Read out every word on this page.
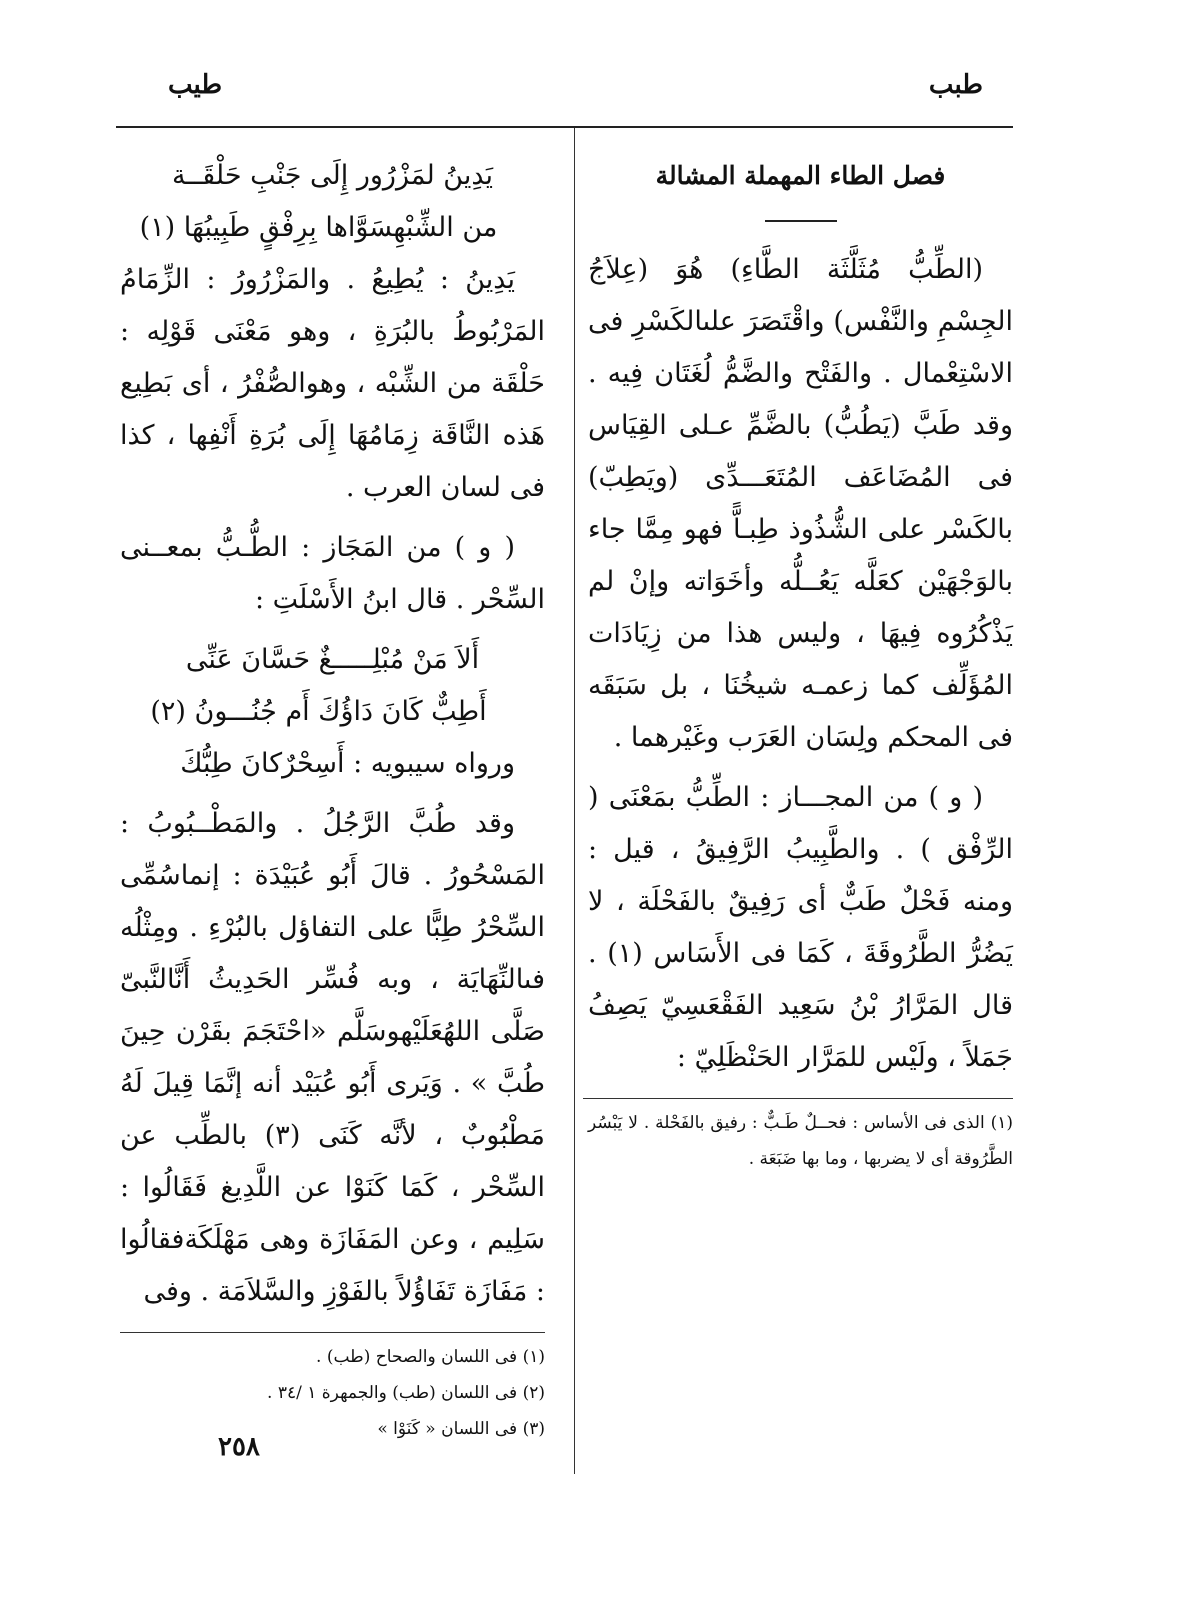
طبب
طيب

فصل الطاء المهملة المشالة

(الطِّبُّ مُثَلَّثَة الطَّاءِ) هُوَ (عِلاَجُ الجِسْمِ والنَّفْس) واقْتَصَرَ علىالكَسْرِ فى الاسْتِعْمال . والفَتْح والضَّمُّ لُغَتَان فِيه . وقد طَبَّ (يَطُبُّ) بالضَّمِّ عـلى القِيَاس فى المُضَاعَف المُتَعَـــدِّى (ويَطِبّ) بالكَسْر على الشُّذُوذ طِبـاًّ فهو مِمَّا جاء بالوَجْهَيْن كعَلَّه يَعُــلُّه وأخَوَاته وإنْ لم يَذْكُرُوه فِيهَا ، وليس هذا من زِيَادَات المُؤَلِّف كما زعمـه شيخُنَا ، بل سَبَقَه فى المحكم ولِسَان العَرَب وغَيْرهما .

( و ) من المجـــاز : الطِّبُّ بمَعْنَى ( الرِّفْق ) . والطَّبِيبُ الرَّفِيقُ ، قيل : ومنه فَحْلٌ طَبٌّ أى رَفِيقٌ بالفَحْلَة ، لا يَضُرُّ الطَّرُوقَةَ ، كَمَا فى الأَسَاس (١) . قال المَرَّارُ بْنُ سَعِيد الفَقْعَسِيّ يَصِفُ جَمَلاً ، ولَيْس للمَرَّار الحَنْظَلِيّ :

(١) الذى فى الأساس : فحــلٌ طَـبٌّ : رفيق بالفَحْلة . لا يَبْسُر الطَّرُوقة أى لا يضربها ، وما بها ضَبَعَة .

يَدِينُ لمَزْرُور إِلَى جَنْبِ حَلْقَــة

من الشِّبْهِسَوَّاها بِرِفْقٍ طَبِيبُهَا (١)

يَدِينُ : يُطِيعُ . والمَزْرُورُ : الزِّمَامُ المَرْبُوطُ بالبُرَةِ ، وهو مَعْنَى قَوْلِه : حَلْقَة من الشِّبْه ، وهوالصُّفْرُ ، أى بَطِيع هَذه النَّاقَة زِمَامُهَا إِلَى بُرَةِ أَنْفِها ، كذا فى لسان العرب .

( و ) من المَجَاز : الطُّـبُّ بمعــنى السِّحْر . قال ابنُ الأَسْلَتِ :

أَلاَ مَنْ مُبْلِـــــغٌ حَسَّانَ عَنِّى

أَطِبٌّ كَانَ دَاؤُكَ أَم جُنُـــونُ (٢)

ورواه سيبويه : أَسِحْرٌكانَ طِبُّكَ

وقد طُبَّ الرَّجُلُ . والمَطْــبُوبُ : المَسْحُورُ . قالَ أَبُو عُبَيْدَة : إنماسُمِّى السِّحْرُ طِبًّا على التفاؤل بالبُرْءِ . ومِثْلُه فىالنِّهَايَة ، وبه فُسِّر الحَدِيثُ أَنَّالنَّبىّ صَلَّى اللهُعَلَيْهوسَلَّم «احْتَجَمَ بقَرْن حِينَ طُبَّ » . وَيَرى أَبُو عُبَيْد أنه إنَّمَا قِيلَ لَهُ مَطْبُوبٌ ، لأنَّه كَنَى (٣) بالطِّب عن السِّحْر ، كَمَا كَنَوْا عن اللَّدِيغ فَقَالُوا : سَلِيم ، وعن المَفَازَة وهى مَهْلَكَةفقالُوا : مَفَازَة تَفَاؤُلاً بالفَوْزِ والسَّلاَمَة . وفى

(١) فى اللسان والصحاح (طب) .

(٢) فى اللسان (طب) والجمهرة ١ /٣٤ .

(٣) فى اللسان « كَنَوْا »

٢٥٨
